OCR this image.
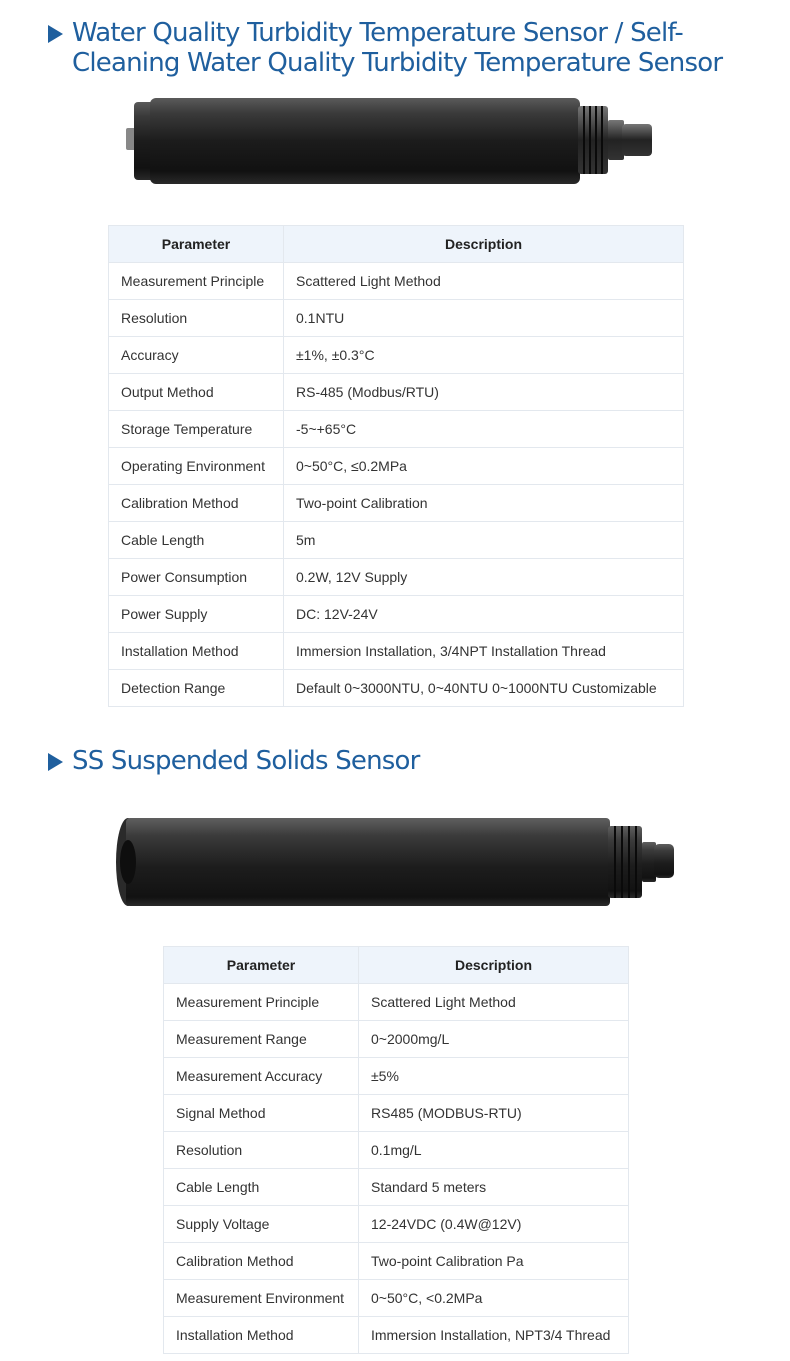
Water Quality Turbidity Temperature Sensor / Self-
Cleaning Water Quality Turbidity Temperature Sensor
Parameter	Description
Measurement Principle	Scattered Light Method
Resolution	0.1NTU
Accuracy	±1%, ±0.3°C
Output Method	RS-485 (Modbus/RTU)
Storage Temperature	-5~+65°C
Operating Environment	0~50°C, ≤0.2MPa
Calibration Method	Two-point Calibration
Cable Length	5m
Power Consumption	0.2W, 12V Supply
Power Supply	DC: 12V-24V
Installation Method	Immersion Installation, 3/4NPT Installation Thread
Detection Range	Default 0~3000NTU, 0~40NTU 0~1000NTU Customizable
SS Suspended Solids Sensor
Parameter	Description
Measurement Principle	Scattered Light Method
Measurement Range	0~2000mg/L
Measurement Accuracy	±5%
Signal Method	RS485 (MODBUS-RTU)
Resolution	0.1mg/L
Cable Length	Standard 5 meters
Supply Voltage	12-24VDC (0.4W@12V)
Calibration Method	Two-point Calibration Pa
Measurement Environment	0~50°C, <0.2MPa
Installation Method	Immersion Installation, NPT3/4 Thread
